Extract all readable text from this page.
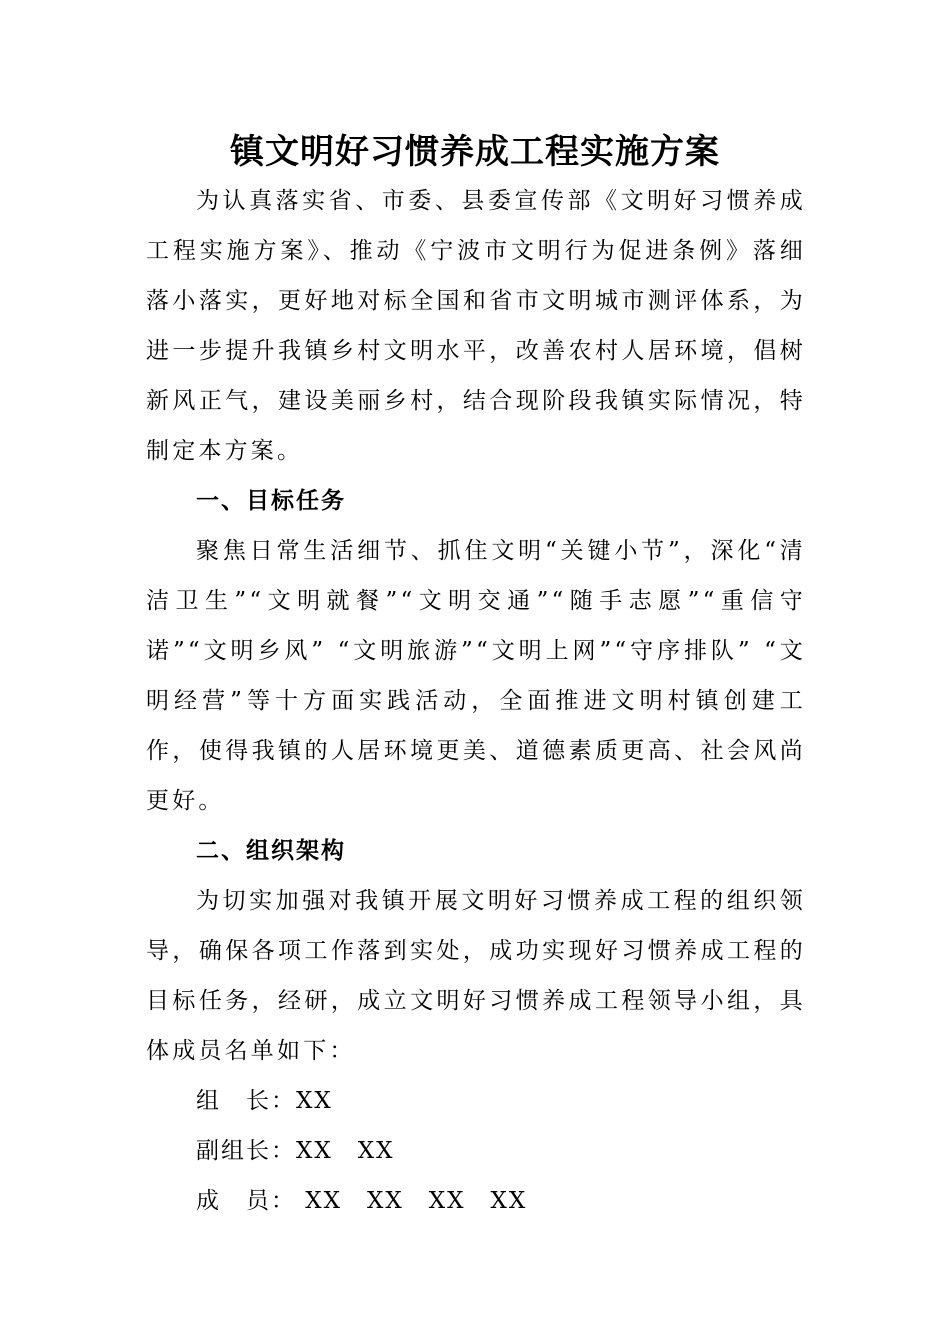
镇文明好习惯养成工程实施方案

为认真落实省、市委、县委宣传部《文明好习惯养成工程实施方案》、推动《宁波市文明行为促进条例》落细落小落实，更好地对标全国和省市文明城市测评体系，为进一步提升我镇乡村文明水平，改善农村人居环境，倡树新风正气，建设美丽乡村，结合现阶段我镇实际情况，特制定本方案。

一、目标任务

聚焦日常生活细节、抓住文明“关键小节”，深化“清洁卫生”“文明就餐”“文明交通”“随手志愿”“重信守诺”“文明乡风” “文明旅游”“文明上网”“守序排队” “文明经营”等十方面实践活动，全面推进文明村镇创建工作，使得我镇的人居环境更美、道德素质更高、社会风尚更好。

二、组织架构

为切实加强对我镇开展文明好习惯养成工程的组织领导，确保各项工作落到实处，成功实现好习惯养成工程的目标任务，经研，成立文明好习惯养成工程领导小组，具体成员名单如下：

组　长：XX

副组长：XX　XX

成　员： XX　XX　XX　XX
